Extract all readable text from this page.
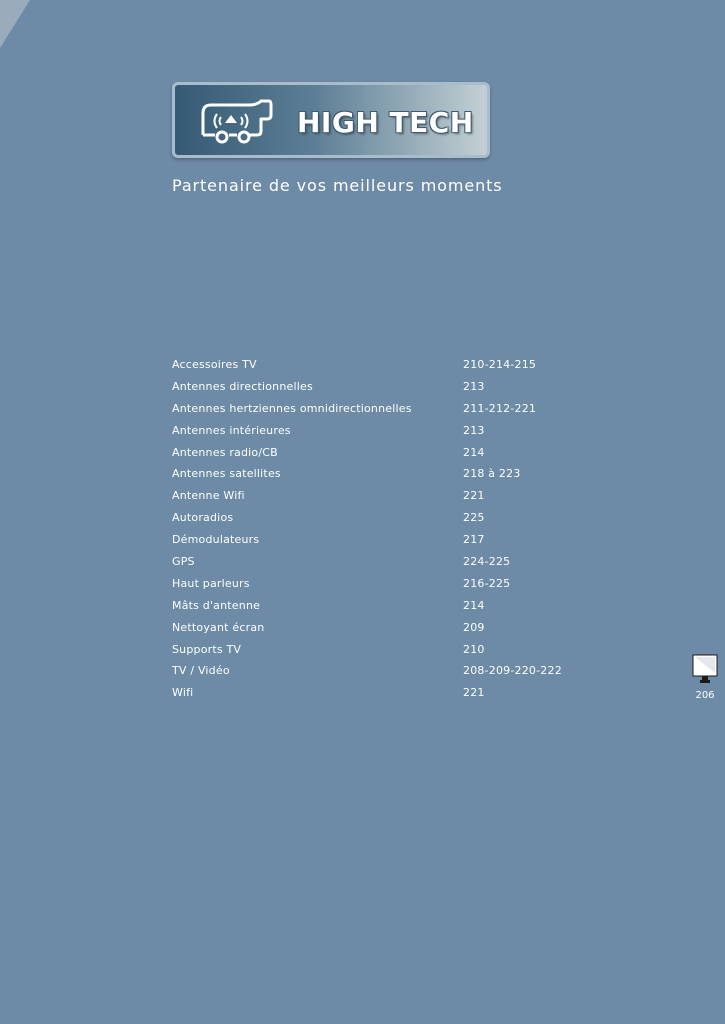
HIGH TECH
Partenaire de vos meilleurs moments
Accessoires TV	210-214-215
Antennes directionnelles	213
Antennes hertziennes omnidirectionnelles	211-212-221
Antennes intérieures	213
Antennes radio/CB	214
Antennes satellites	218 à 223
Antenne Wifi	221
Autoradios	225
Démodulateurs	217
GPS	224-225
Haut parleurs	216-225
Mâts d'antenne	214
Nettoyant écran	209
Supports TV	210
TV / Vidéo	208-209-220-222
Wifi	221	206
